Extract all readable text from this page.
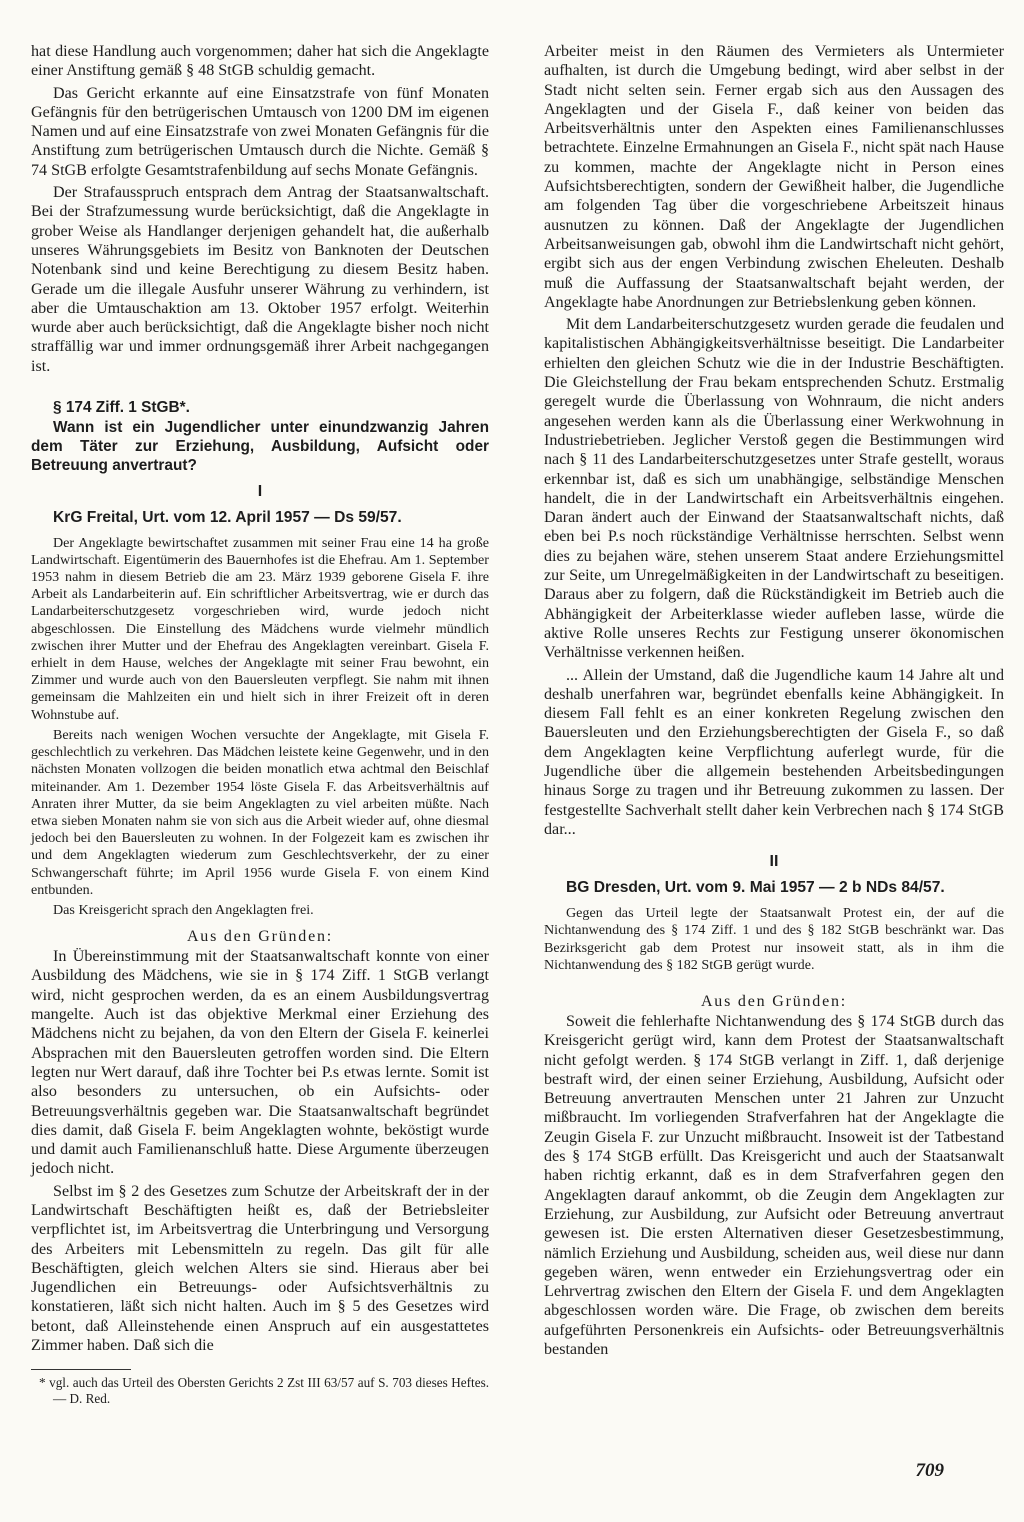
hat diese Handlung auch vorgenommen; daher hat sich die Angeklagte einer Anstiftung gemäß § 48 StGB schuldig gemacht.

Das Gericht erkannte auf eine Einsatzstrafe von fünf Monaten Gefängnis für den betrügerischen Umtausch von 1200 DM im eigenen Namen und auf eine Einsatzstrafe von zwei Monaten Gefängnis für die Anstiftung zum betrügerischen Umtausch durch die Nichte. Gemäß § 74 StGB erfolgte Gesamtstrafenbildung auf sechs Monate Gefängnis.

Der Strafausspruch entsprach dem Antrag der Staatsanwaltschaft. Bei der Strafzumessung wurde berücksichtigt, daß die Angeklagte in grober Weise als Handlanger derjenigen gehandelt hat, die außerhalb unseres Währungsgebiets im Besitz von Banknoten der Deutschen Notenbank sind und keine Berechtigung zu diesem Besitz haben. Gerade um die illegale Ausfuhr unserer Währung zu verhindern, ist aber die Umtauschaktion am 13. Oktober 1957 erfolgt. Weiterhin wurde aber auch berücksichtigt, daß die Angeklagte bisher noch nicht straffällig war und immer ordnungsgemäß ihrer Arbeit nachgegangen ist.

§ 174 Ziff. 1 StGB*.
Wann ist ein Jugendlicher unter einundzwanzig Jahren dem Täter zur Erziehung, Ausbildung, Aufsicht oder Betreuung anvertraut?
I
KrG Freital, Urt. vom 12. April 1957 — Ds 59/57.

Der Angeklagte bewirtschaftet zusammen mit seiner Frau eine 14 ha große Landwirtschaft. Eigentümerin des Bauernhofes ist die Ehefrau. Am 1. September 1953 nahm in diesem Betrieb die am 23. März 1939 geborene Gisela F. ihre Arbeit als Landarbeiterin auf. Ein schriftlicher Arbeitsvertrag, wie er durch das Landarbeiterschutzgesetz vorgeschrieben wird, wurde jedoch nicht abgeschlossen. Die Einstellung des Mädchens wurde vielmehr mündlich zwischen ihrer Mutter und der Ehefrau des Angeklagten vereinbart. Gisela F. erhielt in dem Hause, welches der Angeklagte mit seiner Frau bewohnt, ein Zimmer und wurde auch von den Bauersleuten verpflegt. Sie nahm mit ihnen gemeinsam die Mahlzeiten ein und hielt sich in ihrer Freizeit oft in deren Wohnstube auf.

Bereits nach wenigen Wochen versuchte der Angeklagte, mit Gisela F. geschlechtlich zu verkehren. Das Mädchen leistete keine Gegenwehr, und in den nächsten Monaten vollzogen die beiden monatlich etwa achtmal den Beischlaf miteinander. Am 1. Dezember 1954 löste Gisela F. das Arbeitsverhältnis auf Anraten ihrer Mutter, da sie beim Angeklagten zu viel arbeiten müßte. Nach etwa sieben Monaten nahm sie von sich aus die Arbeit wieder auf, ohne diesmal jedoch bei den Bauersleuten zu wohnen. In der Folgezeit kam es zwischen ihr und dem Angeklagten wiederum zum Geschlechtsverkehr, der zu einer Schwangerschaft führte; im April 1956 wurde Gisela F. von einem Kind entbunden.

Das Kreisgericht sprach den Angeklagten frei.

Aus den Gründen:

In Übereinstimmung mit der Staatsanwaltschaft konnte von einer Ausbildung des Mädchens, wie sie in § 174 Ziff. 1 StGB verlangt wird, nicht gesprochen werden, da es an einem Ausbildungsvertrag mangelte. Auch ist das objektive Merkmal einer Erziehung des Mädchens nicht zu bejahen, da von den Eltern der Gisela F. keinerlei Absprachen mit den Bauersleuten getroffen worden sind. Die Eltern legten nur Wert darauf, daß ihre Tochter bei P.s etwas lernte. Somit ist also besonders zu untersuchen, ob ein Aufsichts- oder Betreuungsverhältnis gegeben war. Die Staatsanwaltschaft begründet dies damit, daß Gisela F. beim Angeklagten wohnte, beköstigt wurde und damit auch Familienanschluß hatte. Diese Argumente überzeugen jedoch nicht.

Selbst im § 2 des Gesetzes zum Schutze der Arbeitskraft der in der Landwirtschaft Beschäftigten heißt es, daß der Betriebsleiter verpflichtet ist, im Arbeitsvertrag die Unterbringung und Versorgung des Arbeiters mit Lebensmitteln zu regeln. Das gilt für alle Beschäftigten, gleich welchen Alters sie sind. Hieraus aber bei Jugendlichen ein Betreuungs- oder Aufsichtsverhältnis zu konstatieren, läßt sich nicht halten. Auch im § 5 des Gesetzes wird betont, daß Alleinstehende einen Anspruch auf ein ausgestattetes Zimmer haben. Daß sich die

* vgl. auch das Urteil des Obersten Gerichts 2 Zst III 63/57 auf S. 703 dieses Heftes. — D. Red.

Arbeiter meist in den Räumen des Vermieters als Untermieter aufhalten, ist durch die Umgebung bedingt, wird aber selbst in der Stadt nicht selten sein. Ferner ergab sich aus den Aussagen des Angeklagten und der Gisela F., daß keiner von beiden das Arbeitsverhältnis unter den Aspekten eines Familienanschlusses betrachtete. Einzelne Ermahnungen an Gisela F., nicht spät nach Hause zu kommen, machte der Angeklagte nicht in Person eines Aufsichtsberechtigten, sondern der Gewißheit halber, die Jugendliche am folgenden Tag über die vorgeschriebene Arbeitszeit hinaus ausnutzen zu können. Daß der Angeklagte der Jugendlichen Arbeitsanweisungen gab, obwohl ihm die Landwirtschaft nicht gehört, ergibt sich aus der engen Verbindung zwischen Eheleuten. Deshalb muß die Auffassung der Staatsanwaltschaft bejaht werden, der Angeklagte habe Anordnungen zur Betriebslenkung geben können.

Mit dem Landarbeiterschutzgesetz wurden gerade die feudalen und kapitalistischen Abhängigkeitsverhältnisse beseitigt. Die Landarbeiter erhielten den gleichen Schutz wie die in der Industrie Beschäftigten. Die Gleichstellung der Frau bekam entsprechenden Schutz. Erstmalig geregelt wurde die Überlassung von Wohnraum, die nicht anders angesehen werden kann als die Überlassung einer Werkwohnung in Industriebetrieben. Jeglicher Verstoß gegen die Bestimmungen wird nach § 11 des Landarbeiterschutzgesetzes unter Strafe gestellt, woraus erkennbar ist, daß es sich um unabhängige, selbständige Menschen handelt, die in der Landwirtschaft ein Arbeitsverhältnis eingehen. Daran ändert auch der Einwand der Staatsanwaltschaft nichts, daß eben bei P.s noch rückständige Verhältnisse herrschten. Selbst wenn dies zu bejahen wäre, stehen unserem Staat andere Erziehungsmittel zur Seite, um Unregelmäßigkeiten in der Landwirtschaft zu beseitigen. Daraus aber zu folgern, daß die Rückständigkeit im Betrieb auch die Abhängigkeit der Arbeiterklasse wieder aufleben lasse, würde die aktive Rolle unseres Rechts zur Festigung unserer ökonomischen Verhältnisse verkennen heißen.

... Allein der Umstand, daß die Jugendliche kaum 14 Jahre alt und deshalb unerfahren war, begründet ebenfalls keine Abhängigkeit. In diesem Fall fehlt es an einer konkreten Regelung zwischen den Bauersleuten und den Erziehungsberechtigten der Gisela F., so daß dem Angeklagten keine Verpflichtung auferlegt wurde, für die Jugendliche über die allgemein bestehenden Arbeitsbedingungen hinaus Sorge zu tragen und ihr Betreuung zukommen zu lassen. Der festgestellte Sachverhalt stellt daher kein Verbrechen nach § 174 StGB dar...

II
BG Dresden, Urt. vom 9. Mai 1957 — 2 b NDs 84/57.

Gegen das Urteil legte der Staatsanwalt Protest ein, der auf die Nichtanwendung des § 174 Ziff. 1 und des § 182 StGB beschränkt war. Das Bezirksgericht gab dem Protest nur insoweit statt, als in ihm die Nichtanwendung des § 182 StGB gerügt wurde.

Aus den Gründen:

Soweit die fehlerhafte Nichtanwendung des § 174 StGB durch das Kreisgericht gerügt wird, kann dem Protest der Staatsanwaltschaft nicht gefolgt werden. § 174 StGB verlangt in Ziff. 1, daß derjenige bestraft wird, der einen seiner Erziehung, Ausbildung, Aufsicht oder Betreuung anvertrauten Menschen unter 21 Jahren zur Unzucht mißbraucht. Im vorliegenden Strafverfahren hat der Angeklagte die Zeugin Gisela F. zur Unzucht mißbraucht. Insoweit ist der Tatbestand des § 174 StGB erfüllt. Das Kreisgericht und auch der Staatsanwalt haben richtig erkannt, daß es in dem Strafverfahren gegen den Angeklagten darauf ankommt, ob die Zeugin dem Angeklagten zur Erziehung, zur Ausbildung, zur Aufsicht oder Betreuung anvertraut gewesen ist. Die ersten Alternativen dieser Gesetzesbestimmung, nämlich Erziehung und Ausbildung, scheiden aus, weil diese nur dann gegeben wären, wenn entweder ein Erziehungsvertrag oder ein Lehrvertrag zwischen den Eltern der Gisela F. und dem Angeklagten abgeschlossen worden wäre. Die Frage, ob zwischen dem bereits aufgeführten Personenkreis ein Aufsichts- oder Betreuungsverhältnis bestanden

709
